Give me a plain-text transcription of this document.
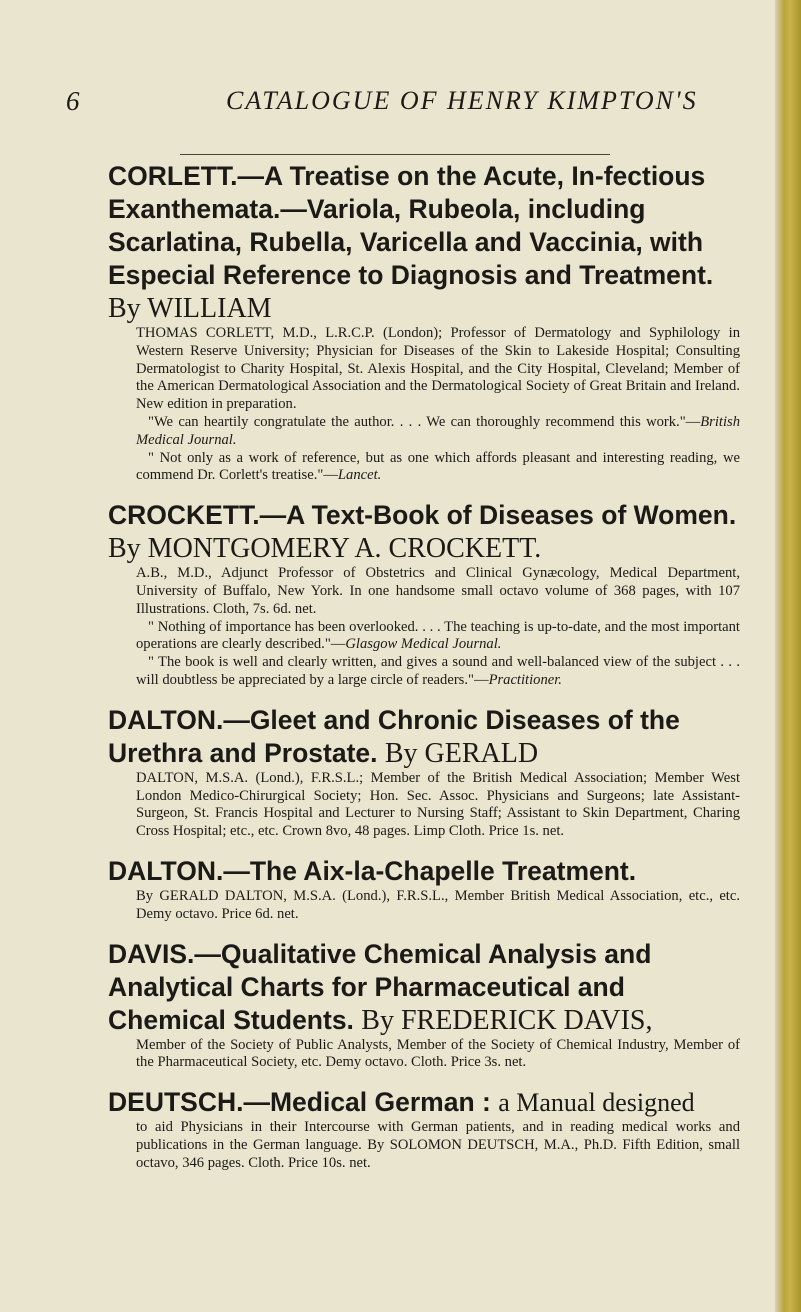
6	CATALOGUE OF HENRY KIMPTON'S

CORLETT.—A Treatise on the Acute, In-fectious Exanthemata.—Variola, Rubeola, including Scarlatina, Rubella, Varicella and Vaccinia, with Especial Reference to Diagnosis and Treatment. By WILLIAM

THOMAS CORLETT, M.D., L.R.C.P. (London); Professor of Dermatology and Syphilology in Western Reserve University; Physician for Diseases of the Skin to Lakeside Hospital; Consulting Dermatologist to Charity Hospital, St. Alexis Hospital, and the City Hospital, Cleveland; Member of the American Dermatological Association and the Dermatological Society of Great Britain and Ireland. New edition in preparation.

"We can heartily congratulate the author. . . . We can thoroughly recommend this work."—British Medical Journal.

" Not only as a work of reference, but as one which affords pleasant and interesting reading, we commend Dr. Corlett's treatise."—Lancet.

CROCKETT.—A Text-Book of Diseases of Women. By MONTGOMERY A. CROCKETT.

A.B., M.D., Adjunct Professor of Obstetrics and Clinical Gynæcology, Medical Department, University of Buffalo, New York. In one handsome small octavo volume of 368 pages, with 107 Illustrations. Cloth, 7s. 6d. net.

" Nothing of importance has been overlooked. . . . The teaching is up-to-date, and the most important operations are clearly described."—Glasgow Medical Journal.

" The book is well and clearly written, and gives a sound and well-balanced view of the subject . . . will doubtless be appreciated by a large circle of readers."—Practitioner.

DALTON.—Gleet and Chronic Diseases of the Urethra and Prostate. By GERALD

DALTON, M.S.A. (Lond.), F.R.S.L.; Member of the British Medical Association; Member West London Medico-Chirurgical Society; Hon. Sec. Assoc. Physicians and Surgeons; late Assistant-Surgeon, St. Francis Hospital and Lecturer to Nursing Staff; Assistant to Skin Department, Charing Cross Hospital; etc., etc. Crown 8vo, 48 pages. Limp Cloth. Price 1s. net.

DALTON.—The Aix-la-Chapelle Treatment.

By GERALD DALTON, M.S.A. (Lond.), F.R.S.L., Member British Medical Association, etc., etc. Demy octavo. Price 6d. net.

DAVIS.—Qualitative Chemical Analysis and Analytical Charts for Pharmaceutical and Chemical Students. By FREDERICK DAVIS,

Member of the Society of Public Analysts, Member of the Society of Chemical Industry, Member of the Pharmaceutical Society, etc. Demy octavo. Cloth. Price 3s. net.

DEUTSCH.—Medical German : a Manual designed

to aid Physicians in their Intercourse with German patients, and in reading medical works and publications in the German language. By SOLOMON DEUTSCH, M.A., Ph.D. Fifth Edition, small octavo, 346 pages. Cloth. Price 10s. net.
